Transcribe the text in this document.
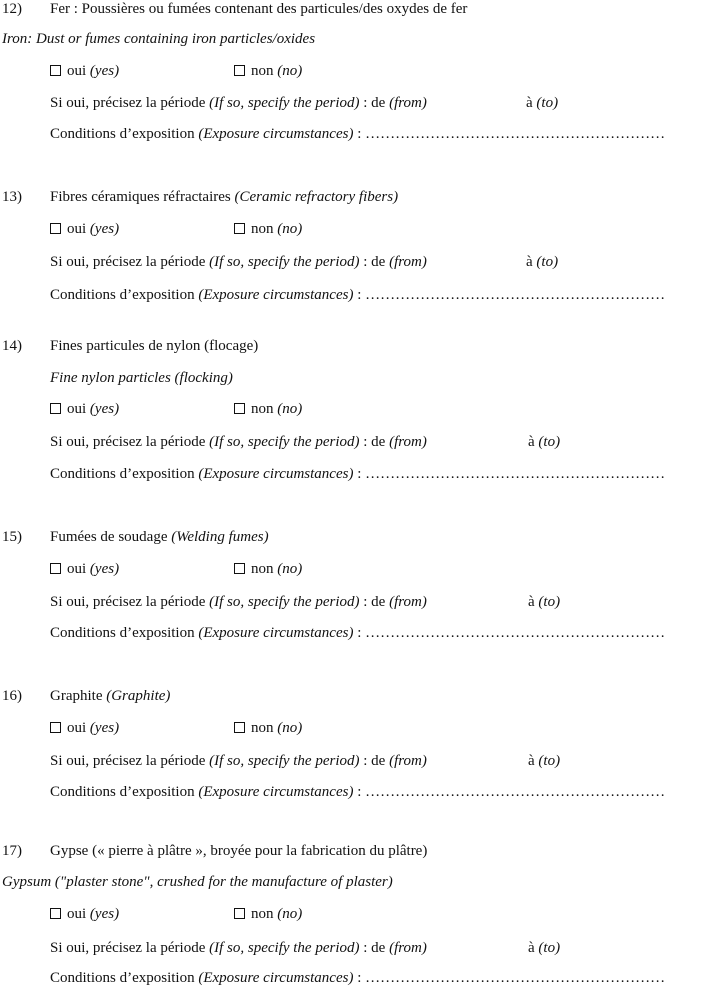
12) Fer : Poussières ou fumées contenant des particules/des oxydes de fer
Iron: Dust or fumes containing iron particles/oxides
oui (yes)	non (no)
Si oui, précisez la période (If so, specify the period) : de (from)	à (to)
Conditions d’exposition (Exposure circumstances) : ……………………………………………………
13) Fibres céramiques réfractaires (Ceramic refractory fibers)
oui (yes)	non (no)
Si oui, précisez la période (If so, specify the period) : de (from)	à (to)
Conditions d’exposition (Exposure circumstances) : ……………………………………………………
14) Fines particules de nylon (flocage)
Fine nylon particles (flocking)
oui (yes)	non (no)
Si oui, précisez la période (If so, specify the period) : de (from)	à (to)
Conditions d’exposition (Exposure circumstances) : ……………………………………………………
15) Fumées de soudage (Welding fumes)
oui (yes)	non (no)
Si oui, précisez la période (If so, specify the period) : de (from)	à (to)
Conditions d’exposition (Exposure circumstances) : ……………………………………………………
16) Graphite (Graphite)
oui (yes)	non (no)
Si oui, précisez la période (If so, specify the period) : de (from)	à (to)
Conditions d’exposition (Exposure circumstances) : ……………………………………………………
17) Gypse (« pierre à plâtre », broyée pour la fabrication du plâtre)
Gypsum ("plaster stone", crushed for the manufacture of plaster)
oui (yes)	non (no)
Si oui, précisez la période (If so, specify the period) : de (from)	à (to)
Conditions d’exposition (Exposure circumstances) : ……………………………………………………
